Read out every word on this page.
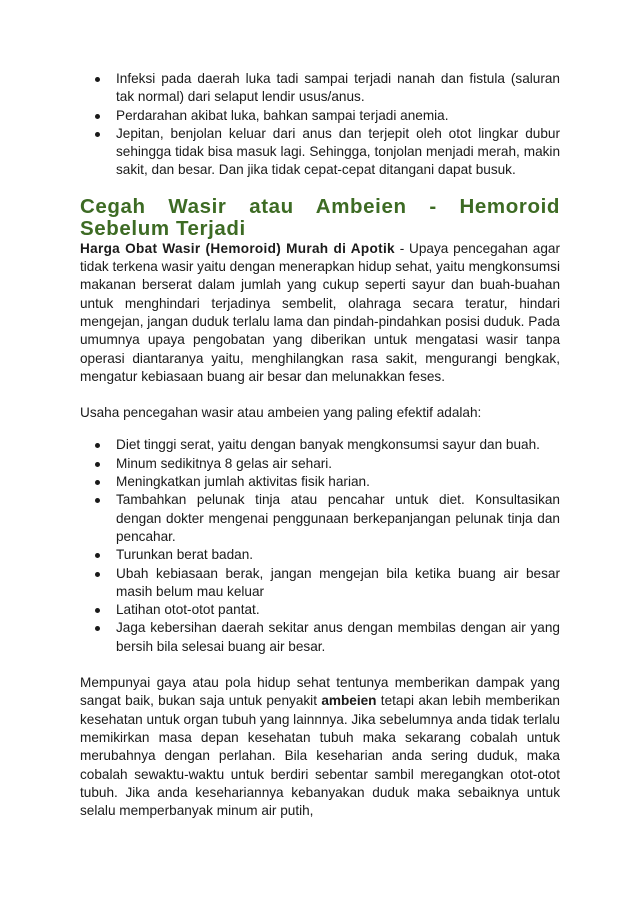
Infeksi pada daerah luka tadi sampai terjadi nanah dan fistula (saluran tak normal) dari selaput lendir usus/anus.
Perdarahan akibat luka, bahkan sampai terjadi anemia.
Jepitan, benjolan keluar dari anus dan terjepit oleh otot lingkar dubur sehingga tidak bisa masuk lagi. Sehingga, tonjolan menjadi merah, makin sakit, dan besar. Dan jika tidak cepat-cepat ditangani dapat busuk.
Cegah Wasir atau Ambeien - Hemoroid Sebelum Terjadi

Harga Obat Wasir (Hemoroid) Murah di Apotik - Upaya pencegahan agar tidak terkena wasir yaitu dengan menerapkan hidup sehat, yaitu mengkonsumsi makanan berserat dalam jumlah yang cukup seperti sayur dan buah-buahan untuk menghindari terjadinya sembelit, olahraga secara teratur, hindari mengejan, jangan duduk terlalu lama dan pindah-pindahkan posisi duduk. Pada umumnya upaya pengobatan yang diberikan untuk mengatasi wasir tanpa operasi diantaranya yaitu, menghilangkan rasa sakit, mengurangi bengkak, mengatur kebiasaan buang air besar dan melunakkan feses.

Usaha pencegahan wasir atau ambeien yang paling efektif adalah:

Diet tinggi serat, yaitu dengan banyak mengkonsumsi sayur dan buah.
Minum sedikitnya 8 gelas air sehari.
Meningkatkan jumlah aktivitas fisik harian.
Tambahkan pelunak tinja atau pencahar untuk diet. Konsultasikan dengan dokter mengenai penggunaan berkepanjangan pelunak tinja dan pencahar.
Turunkan berat badan.
Ubah kebiasaan berak, jangan mengejan bila ketika buang air besar masih belum mau keluar
Latihan otot-otot pantat.
Jaga kebersihan daerah sekitar anus dengan membilas dengan air yang bersih bila selesai buang air besar.

Mempunyai gaya atau pola hidup sehat tentunya memberikan dampak yang sangat baik, bukan saja untuk penyakit ambeien tetapi akan lebih memberikan kesehatan untuk organ tubuh yang lainnnya. Jika sebelumnya anda tidak terlalu memikirkan masa depan kesehatan tubuh maka sekarang cobalah untuk merubahnya dengan perlahan. Bila keseharian anda sering duduk, maka cobalah sewaktu-waktu untuk berdiri sebentar sambil meregangkan otot-otot tubuh. Jika anda kesehariannya kebanyakan duduk maka sebaiknya untuk selalu memperbanyak minum air putih,
